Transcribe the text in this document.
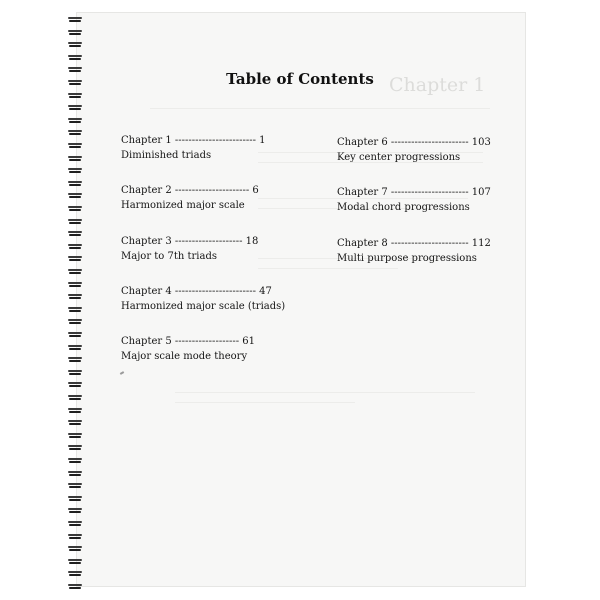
Chapter 1
Table of Contents
Chapter 1 ------------------------ 1
Diminished triads
Chapter 2 ---------------------- 6
Harmonized major scale
Chapter 3 -------------------- 18
Major to 7th triads
Chapter 4 ------------------------ 47
Harmonized major scale (triads)
Chapter 5 ------------------- 61
Major scale mode theory
Chapter 6 ----------------------- 103
Key center progressions
Chapter 7 ----------------------- 107
Modal chord progressions
Chapter 8 ----------------------- 112
Multi purpose progressions
